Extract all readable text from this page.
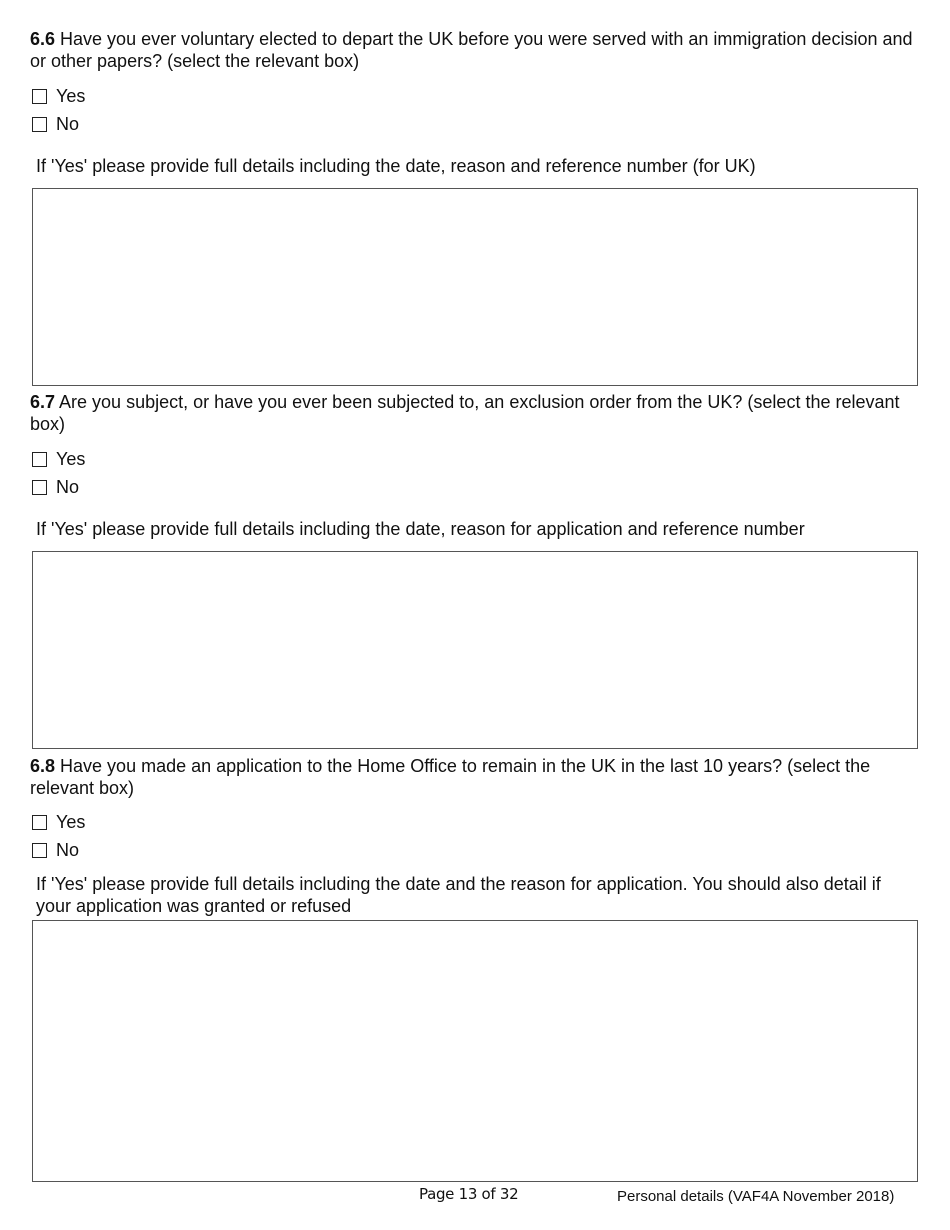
6.6 Have you ever voluntary elected to depart the UK before you were served with an immigration decision and or other papers? (select the relevant box)
Yes
No
If 'Yes' please provide full details including the date, reason and reference number (for UK)
6.7 Are you subject, or have you ever been subjected to, an exclusion order from the UK? (select the relevant box)
Yes
No
If 'Yes' please provide full details including the date, reason for application and reference number
6.8 Have you made an application to the Home Office to remain in the UK in the last 10 years? (select the relevant box)
Yes
No
If 'Yes' please provide full details including the date and the reason for application. You should also detail if your application was granted or refused
Page 13 of 32	Personal details (VAF4A November 2018)
